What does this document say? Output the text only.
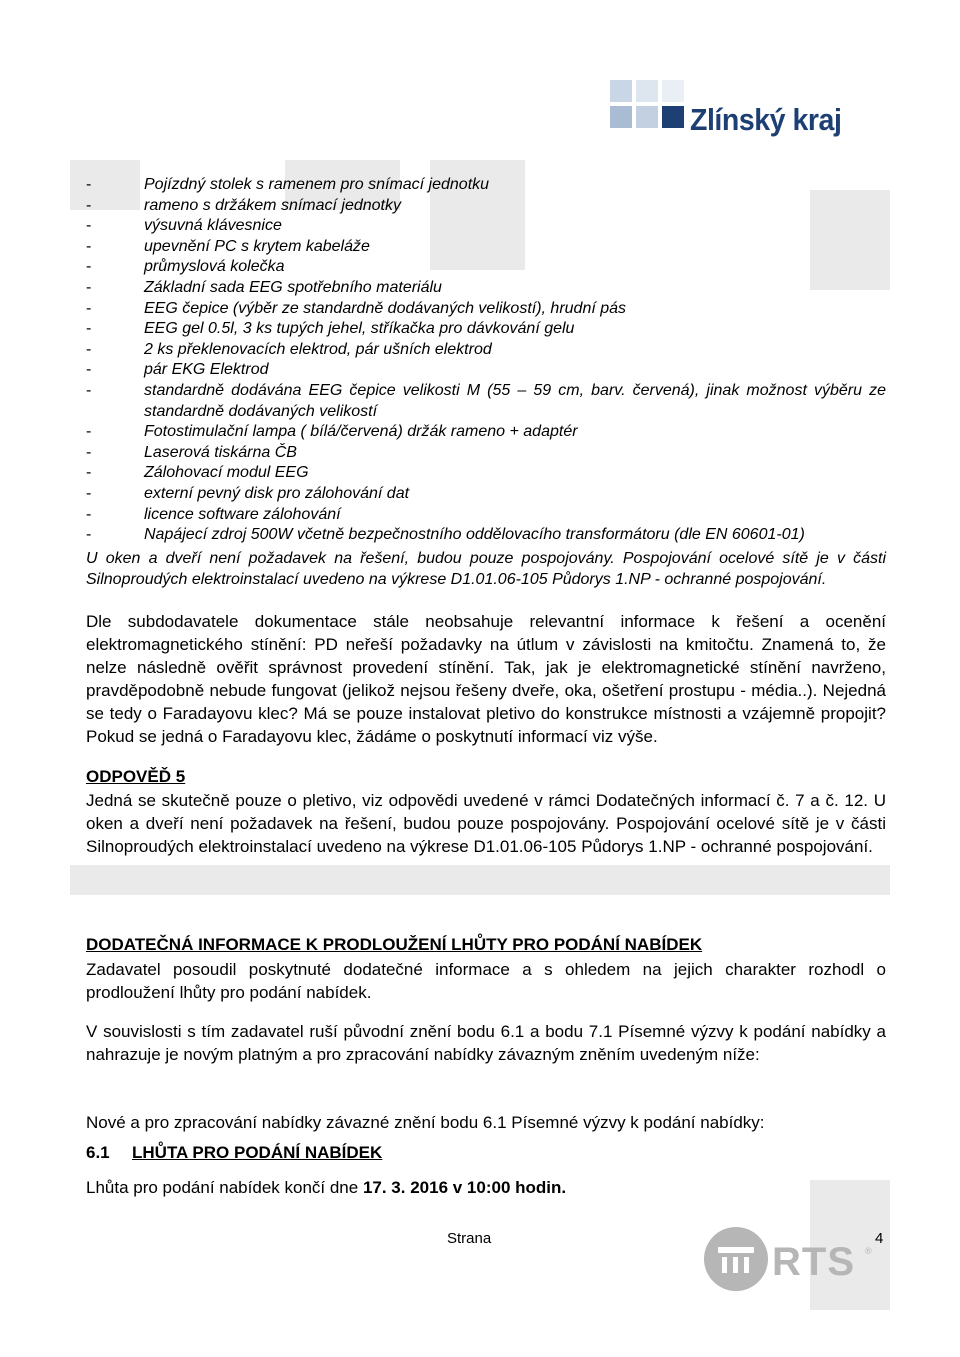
Zlínský kraj
-	Pojízdný stolek s ramenem pro snímací jednotku
-	rameno s držákem snímací jednotky
-	výsuvná klávesnice
-	upevnění PC s krytem kabeláže
-	průmyslová kolečka
-	Základní sada EEG spotřebního materiálu
-	EEG čepice (výběr ze standardně dodávaných velikostí), hrudní pás
-	EEG gel 0.5l, 3 ks tupých jehel, stříkačka pro dávkování gelu
-	2 ks překlenovacích elektrod, pár ušních elektrod
-	pár EKG Elektrod
-	standardně dodávána EEG čepice velikosti M (55 – 59 cm, barv. červená), jinak možnost výběru ze standardně dodávaných velikostí
-	Fotostimulační lampa ( bílá/červená) držák rameno + adaptér
-	Laserová tiskárna ČB
-	Zálohovací modul EEG
-	externí pevný disk pro zálohování dat
-	licence software zálohování
-	Napájecí zdroj 500W včetně bezpečnostního oddělovacího transformátoru (dle EN 60601-01)
U oken a dveří není požadavek na řešení, budou pouze pospojovány. Pospojování ocelové sítě je v části Silnoproudých elektroinstalací uvedeno na výkrese D1.01.06-105 Půdorys 1.NP - ochranné pospojování.
Dle subdodavatele dokumentace stále neobsahuje relevantní informace k řešení a ocenění elektromagnetického stínění: PD neřeší požadavky na útlum v závislosti na kmitočtu. Znamená to, že nelze následně ověřit správnost provedení stínění. Tak, jak je elektromagnetické stínění navrženo, pravděpodobně nebude fungovat (jelikož nejsou řešeny dveře, oka, ošetření prostupu - média..). Nejedná se tedy o Faradayovu klec? Má se pouze instalovat pletivo do konstrukce místnosti a vzájemně propojit? Pokud se jedná o Faradayovu klec, žádáme o poskytnutí informací viz výše.
ODPOVĚĎ 5
Jedná se skutečně pouze o pletivo, viz odpovědi uvedené v rámci Dodatečných informací č. 7 a č. 12. U oken a dveří není požadavek na řešení, budou pouze pospojovány. Pospojování ocelové sítě je v části Silnoproudých elektroinstalací uvedeno na výkrese D1.01.06-105 Půdorys 1.NP - ochranné pospojování.
DODATEČNÁ INFORMACE K PRODLOUŽENÍ LHŮTY PRO PODÁNÍ NABÍDEK
Zadavatel posoudil poskytnuté dodatečné informace a s ohledem na jejich charakter rozhodl o prodloužení lhůty pro podání nabídek.
V souvislosti s tím zadavatel ruší původní znění bodu 6.1 a bodu 7.1 Písemné výzvy k podání nabídky a nahrazuje je novým platným a pro zpracování nabídky závazným zněním uvedeným níže:
Nové a pro zpracování nabídky závazné znění bodu 6.1 Písemné výzvy k podání nabídky:
6.1 LHŮTA PRO PODÁNÍ NABÍDEK
Lhůta pro podání nabídek končí dne 17. 3. 2016 v 10:00 hodin.
Strana	4
RTS ®
